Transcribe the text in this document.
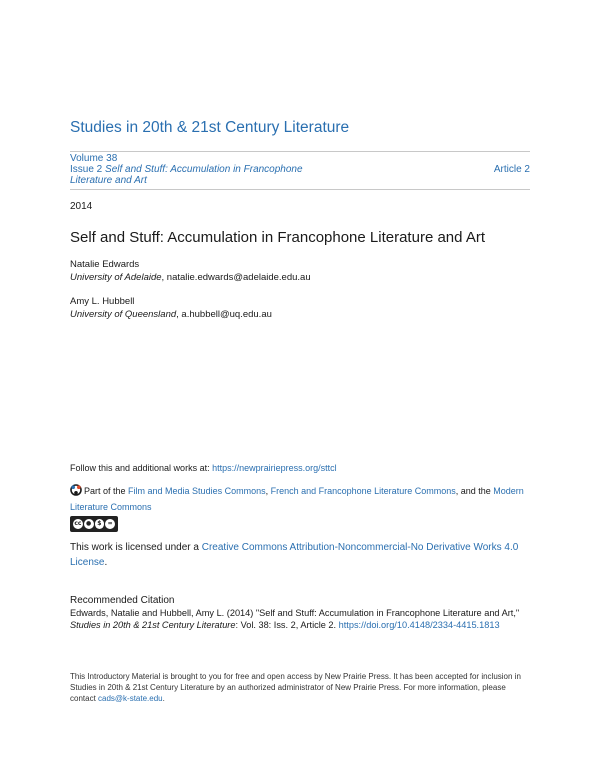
Studies in 20th & 21st Century Literature
Volume 38
Issue 2 Self and Stuff: Accumulation in Francophone Literature and Art
Article 2
2014
Self and Stuff: Accumulation in Francophone Literature and Art
Natalie Edwards
University of Adelaide, natalie.edwards@adelaide.edu.au
Amy L. Hubbell
University of Queensland, a.hubbell@uq.edu.au
Follow this and additional works at: https://newprairiepress.org/sttcl
Part of the Film and Media Studies Commons, French and Francophone Literature Commons, and the Modern Literature Commons
cc ●	$	=
This work is licensed under a Creative Commons Attribution-Noncommercial-No Derivative Works 4.0 License.
Recommended Citation
Edwards, Natalie and Hubbell, Amy L. (2014) "Self and Stuff: Accumulation in Francophone Literature and Art," Studies in 20th & 21st Century Literature: Vol. 38: Iss. 2, Article 2. https://doi.org/10.4148/2334-4415.1813
This Introductory Material is brought to you for free and open access by New Prairie Press. It has been accepted for inclusion in Studies in 20th & 21st Century Literature by an authorized administrator of New Prairie Press. For more information, please contact cads@k-state.edu.
